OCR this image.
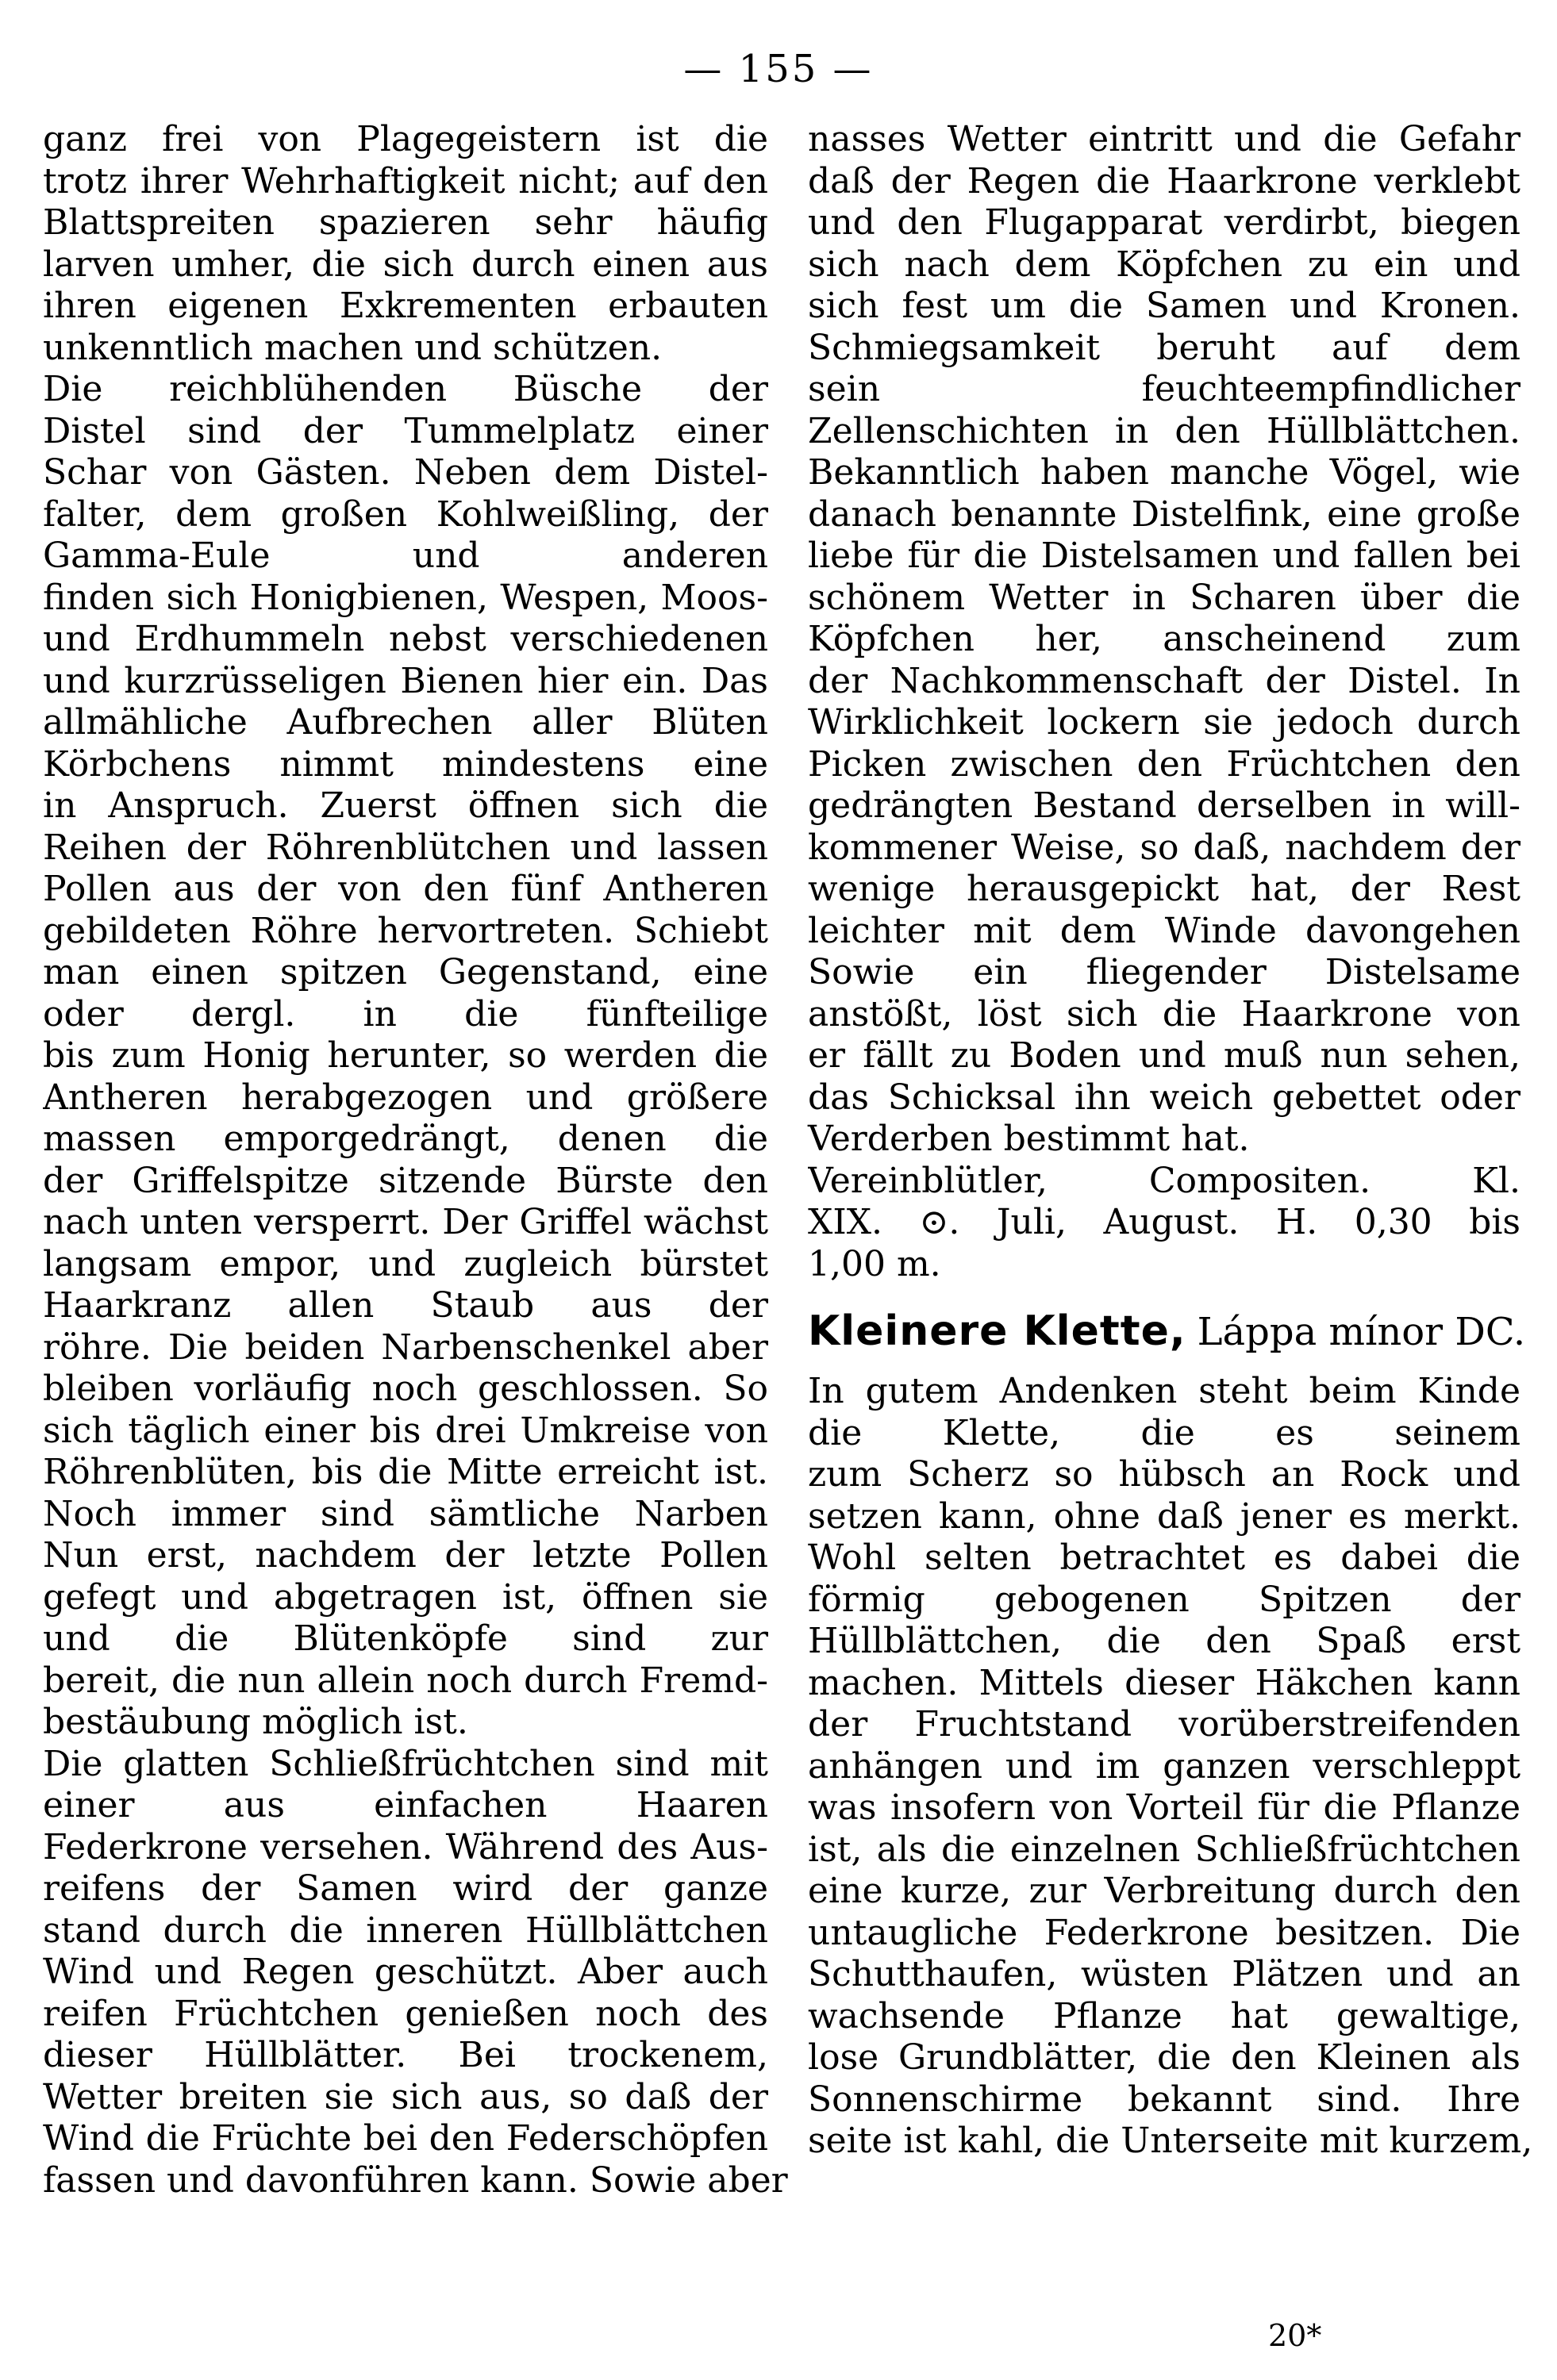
— 155 —
ganz frei von Plagegeistern ist die
trotz ihrer Wehrhaftigkeit nicht; auf den
Blattspreiten spazieren sehr häufig
larven umher, die sich durch einen aus
ihren eigenen Exkrementen erbauten
unkenntlich machen und schützen.
Die reichblühenden Büsche der
Distel sind der Tummelplatz einer
Schar von Gästen. Neben dem Distel-
falter, dem großen Kohlweißling, der
Gamma-Eule und anderen
finden sich Honigbienen, Wespen, Moos-
und Erdhummeln nebst verschiedenen
und kurzrüsseligen Bienen hier ein. Das
allmähliche Aufbrechen aller Blüten
Körbchens nimmt mindestens eine
in Anspruch. Zuerst öffnen sich die
Reihen der Röhrenblütchen und lassen
Pollen aus der von den fünf Antheren
gebildeten Röhre hervortreten. Schiebt
man einen spitzen Gegenstand, eine
oder dergl. in die fünfteilige
bis zum Honig herunter, so werden die
Antheren herabgezogen und größere
massen emporgedrängt, denen die
der Griffelspitze sitzende Bürste den
nach unten versperrt. Der Griffel wächst
langsam empor, und zugleich bürstet
Haarkranz allen Staub aus der
röhre. Die beiden Narbenschenkel aber
bleiben vorläufig noch geschlossen. So
sich täglich einer bis drei Umkreise von
Röhrenblüten, bis die Mitte erreicht ist.
Noch immer sind sämtliche Narben
Nun erst, nachdem der letzte Pollen
gefegt und abgetragen ist, öffnen sie
und die Blütenköpfe sind zur
bereit, die nun allein noch durch Fremd-
bestäubung möglich ist.
Die glatten Schließfrüchtchen sind mit
einer aus einfachen Haaren
Federkrone versehen. Während des Aus-
reifens der Samen wird der ganze
stand durch die inneren Hüllblättchen
Wind und Regen geschützt. Aber auch
reifen Früchtchen genießen noch des
dieser Hüllblätter. Bei trockenem,
Wetter breiten sie sich aus, so daß der
Wind die Früchte bei den Federschöpfen
fassen und davonführen kann. Sowie aber
nasses Wetter eintritt und die Gefahr
daß der Regen die Haarkrone verklebt
und den Flugapparat verdirbt, biegen
sich nach dem Köpfchen zu ein und
sich fest um die Samen und Kronen.
Schmiegsamkeit beruht auf dem
sein feuchteempfindlicher
Zellenschichten in den Hüllblättchen.
Bekanntlich haben manche Vögel, wie
danach benannte Distelfink, eine große
liebe für die Distelsamen und fallen bei
schönem Wetter in Scharen über die
Köpfchen her, anscheinend zum
der Nachkommenschaft der Distel. In
Wirklichkeit lockern sie jedoch durch
Picken zwischen den Früchtchen den
gedrängten Bestand derselben in will-
kommener Weise, so daß, nachdem der
wenige herausgepickt hat, der Rest
leichter mit dem Winde davongehen
Sowie ein fliegender Distelsame
anstößt, löst sich die Haarkrone von
er fällt zu Boden und muß nun sehen,
das Schicksal ihn weich gebettet oder
Verderben bestimmt hat.
Vereinblütler, Compositen. Kl.
XIX. ⊙. Juli, August. H. 0,30 bis
1,00 m.
Kleinere Klette, Láppa mínor DC.
In gutem Andenken steht beim Kinde
die Klette, die es seinem
zum Scherz so hübsch an Rock und
setzen kann, ohne daß jener es merkt.
Wohl selten betrachtet es dabei die
förmig gebogenen Spitzen der
Hüllblättchen, die den Spaß erst
machen. Mittels dieser Häkchen kann
der Fruchtstand vorüberstreifenden
anhängen und im ganzen verschleppt
was insofern von Vorteil für die Pflanze
ist, als die einzelnen Schließfrüchtchen
eine kurze, zur Verbreitung durch den
untaugliche Federkrone besitzen. Die
Schutthaufen, wüsten Plätzen und an
wachsende Pflanze hat gewaltige,
lose Grundblätter, die den Kleinen als
Sonnenschirme bekannt sind. Ihre
seite ist kahl, die Unterseite mit kurzem,
20*
